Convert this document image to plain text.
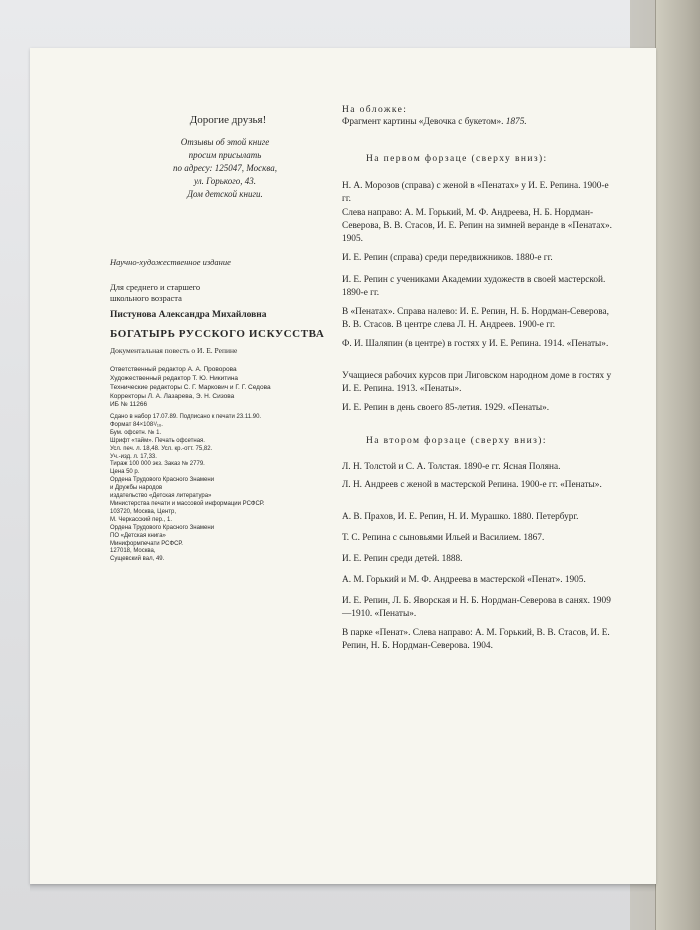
Дорогие друзья!
Отзывы об этой книге
просим присылать
по адресу: 125047, Москва,
ул. Горького, 43.
Дом детской книги.
Научно-художественное издание
Для среднего и старшего
школьного возраста
Пистунова Александра Михайловна
БОГАТЫРЬ РУССКОГО ИСКУССТВА
Документальная повесть о И. Е. Репине
Ответственный редактор А. А. Проворова
Художественный редактор Т. Ю. Никитина
Технические редакторы С. Г. Маркович и Г. Г. Седова
Корректоры Л. А. Лазарева, Э. Н. Сизова
ИБ № 11266
Сдано в набор 17.07.89. Подписано к печати 23.11.90.
Формат 84×108¹/₁₆.
Бум. офсетн. № 1.
Шрифт «тайм». Печать офсетная.
Усл. печ. л. 18,48. Усл. кр.-отт. 75,82.
Уч.-изд. л. 17,33.
Тираж 100 000 экз. Заказ № 2779.
Цена 50 р.
Ордена Трудового Красного Знамени
и Дружбы народов
издательство «Детская литература»
Министерства печати и массовой информации РСФСР.
103720, Москва, Центр,
М. Черкасский пер., 1.
Ордена Трудового Красного Знамени
ПО «Детская книга»
Миниформпечати РСФСР.
127018, Москва,
Сущевский вал, 49.
На обложке:
Фрагмент картины «Девочка с букетом». 1875.
На первом форзаце (сверху вниз):
Н. А. Морозов (справа) с женой в «Пенатах» у И. Е. Репина. 1900-е гг.
Слева направо: А. М. Горький, М. Ф. Андреева, Н. Б. Нордман-Северова, В. В. Стасов, И. Е. Репин на зимней веранде в «Пенатах». 1905.
И. Е. Репин (справа) среди передвижников. 1880-е гг.
И. Е. Репин с учениками Академии художеств в своей мастерской. 1890-е гг.
В «Пенатах». Справа налево: И. Е. Репин, Н. Б. Нордман-Северова, В. В. Стасов. В центре слева Л. Н. Андреев. 1900-е гг.
Ф. И. Шаляпин (в центре) в гостях у И. Е. Репина. 1914. «Пенаты».
Учащиеся рабочих курсов при Лиговском народном доме в гостях у И. Е. Репина. 1913. «Пенаты».
И. Е. Репин в день своего 85-летия. 1929. «Пенаты».
На втором форзаце (сверху вниз):
Л. Н. Толстой и С. А. Толстая. 1890-е гг. Ясная Поляна.
Л. Н. Андреев с женой в мастерской Репина. 1900-е гг. «Пенаты».
А. В. Прахов, И. Е. Репин, Н. И. Мурашко. 1880. Петербург.
Т. С. Репина с сыновьями Ильей и Василием. 1867.
И. Е. Репин среди детей. 1888.
А. М. Горький и М. Ф. Андреева в мастерской «Пенат». 1905.
И. Е. Репин, Л. Б. Яворская и Н. Б. Нордман-Северова в санях. 1909—1910. «Пенаты».
В парке «Пенат». Слева направо: А. М. Горький, В. В. Стасов, И. Е. Репин, Н. Б. Нордман-Северова. 1904.
